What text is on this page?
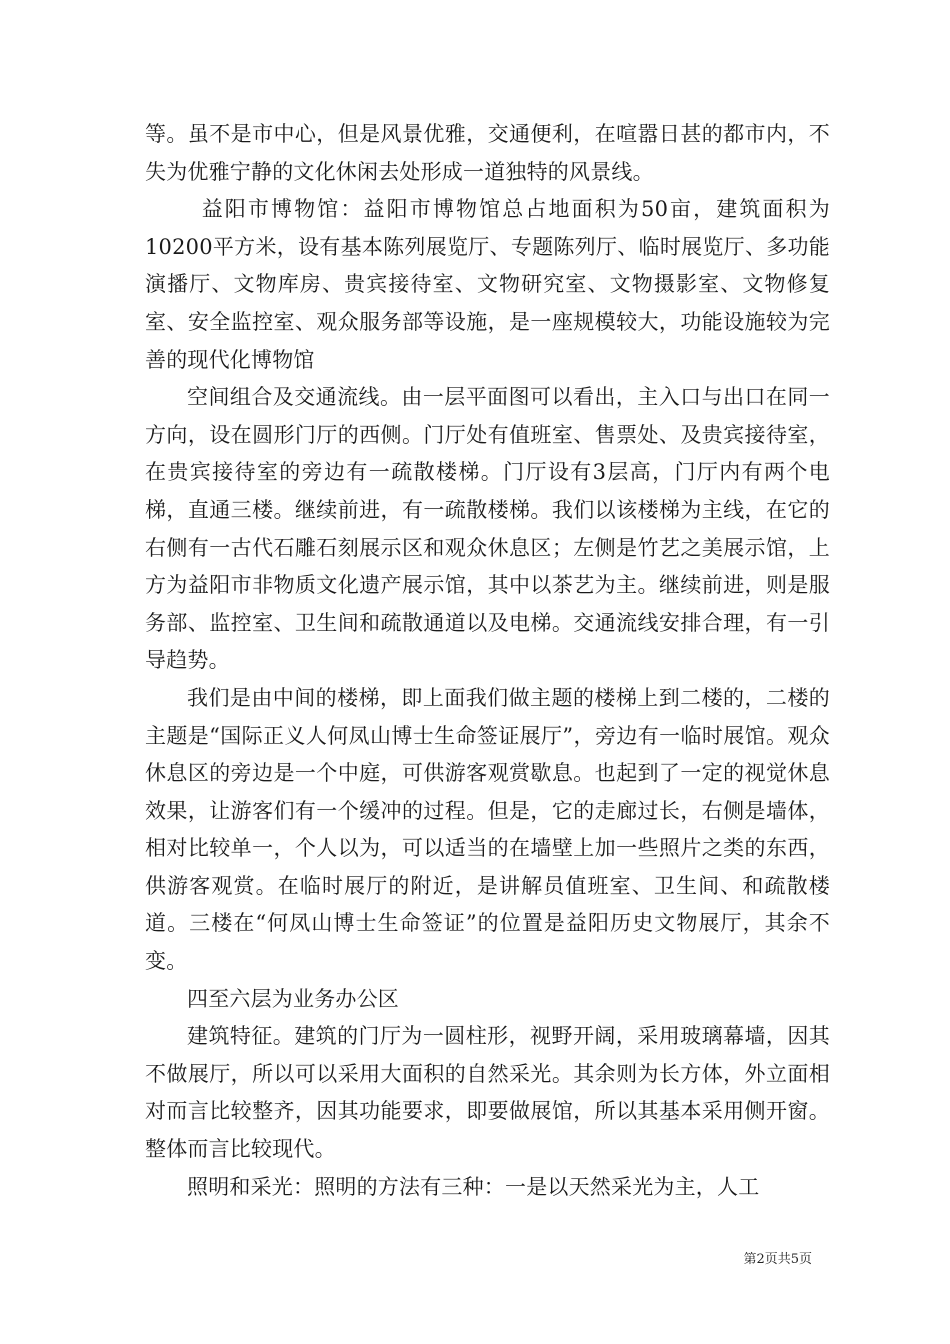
等。虽不是市中心，但是风景优雅，交通便利，在喧嚣日甚的都市内，不失为优雅宁静的文化休闲去处形成一道独特的风景线。

益阳市博物馆：益阳市博物馆总占地面积为50亩，建筑面积为10200平方米，设有基本陈列展览厅、专题陈列厅、临时展览厅、多功能演播厅、文物库房、贵宾接待室、文物研究室、文物摄影室、文物修复室、安全监控室、观众服务部等设施，是一座规模较大，功能设施较为完善的现代化博物馆

空间组合及交通流线。由一层平面图可以看出，主入口与出口在同一方向，设在圆形门厅的西侧。门厅处有值班室、售票处、及贵宾接待室，在贵宾接待室的旁边有一疏散楼梯。门厅设有3层高，门厅内有两个电梯，直通三楼。继续前进，有一疏散楼梯。我们以该楼梯为主线，在它的右侧有一古代石雕石刻展示区和观众休息区；左侧是竹艺之美展示馆，上方为益阳市非物质文化遗产展示馆，其中以茶艺为主。继续前进，则是服务部、监控室、卫生间和疏散通道以及电梯。交通流线安排合理，有一引导趋势。

我们是由中间的楼梯，即上面我们做主题的楼梯上到二楼的，二楼的主题是“国际正义人何凤山博士生命签证展厅”，旁边有一临时展馆。观众休息区的旁边是一个中庭，可供游客观赏歇息。也起到了一定的视觉休息效果，让游客们有一个缓冲的过程。但是，它的走廊过长，右侧是墙体，相对比较单一，个人以为，可以适当的在墙壁上加一些照片之类的东西，供游客观赏。在临时展厅的附近，是讲解员值班室、卫生间、和疏散楼道。三楼在“何凤山博士生命签证”的位置是益阳历史文物展厅，其余不变。

四至六层为业务办公区

建筑特征。建筑的门厅为一圆柱形，视野开阔，采用玻璃幕墙，因其不做展厅，所以可以采用大面积的自然采光。其余则为长方体，外立面相对而言比较整齐，因其功能要求，即要做展馆，所以其基本采用侧开窗。整体而言比较现代。

照明和采光：照明的方法有三种：一是以天然采光为主，人工

第2页共5页
